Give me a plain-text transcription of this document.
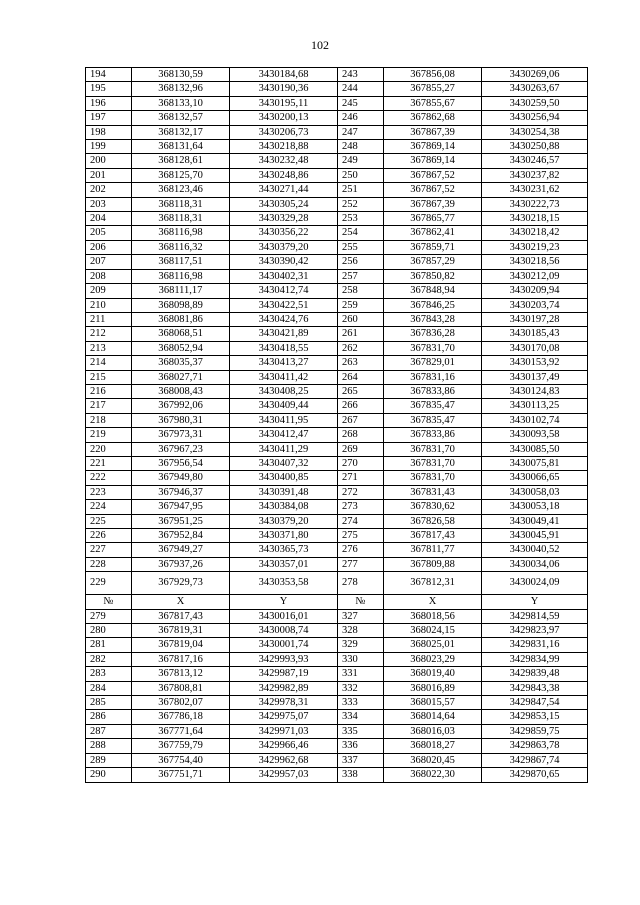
102
194	368130,59	3430184,68	243	367856,08	3430269,06
195	368132,96	3430190,36	244	367855,27	3430263,67
196	368133,10	3430195,11	245	367855,67	3430259,50
197	368132,57	3430200,13	246	367862,68	3430256,94
198	368132,17	3430206,73	247	367867,39	3430254,38
199	368131,64	3430218,88	248	367869,14	3430250,88
200	368128,61	3430232,48	249	367869,14	3430246,57
201	368125,70	3430248,86	250	367867,52	3430237,82
202	368123,46	3430271,44	251	367867,52	3430231,62
203	368118,31	3430305,24	252	367867,39	3430222,73
204	368118,31	3430329,28	253	367865,77	3430218,15
205	368116,98	3430356,22	254	367862,41	3430218,42
206	368116,32	3430379,20	255	367859,71	3430219,23
207	368117,51	3430390,42	256	367857,29	3430218,56
208	368116,98	3430402,31	257	367850,82	3430212,09
209	368111,17	3430412,74	258	367848,94	3430209,94
210	368098,89	3430422,51	259	367846,25	3430203,74
211	368081,86	3430424,76	260	367843,28	3430197,28
212	368068,51	3430421,89	261	367836,28	3430185,43
213	368052,94	3430418,55	262	367831,70	3430170,08
214	368035,37	3430413,27	263	367829,01	3430153,92
215	368027,71	3430411,42	264	367831,16	3430137,49
216	368008,43	3430408,25	265	367833,86	3430124,83
217	367992,06	3430409,44	266	367835,47	3430113,25
218	367980,31	3430411,95	267	367835,47	3430102,74
219	367973,31	3430412,47	268	367833,86	3430093,58
220	367967,23	3430411,29	269	367831,70	3430085,50
221	367956,54	3430407,32	270	367831,70	3430075,81
222	367949,80	3430400,85	271	367831,70	3430066,65
223	367946,37	3430391,48	272	367831,43	3430058,03
224	367947,95	3430384,08	273	367830,62	3430053,18
225	367951,25	3430379,20	274	367826,58	3430049,41
226	367952,84	3430371,80	275	367817,43	3430045,91
227	367949,27	3430365,73	276	367811,77	3430040,52
228	367937,26	3430357,01	277	367809,88	3430034,06
229	367929,73	3430353,58	278	367812,31	3430024,09
№	X	Y	№	X	Y
279	367817,43	3430016,01	327	368018,56	3429814,59
280	367819,31	3430008,74	328	368024,15	3429823,97
281	367819,04	3430001,74	329	368025,01	3429831,16
282	367817,16	3429993,93	330	368023,29	3429834,99
283	367813,12	3429987,19	331	368019,40	3429839,48
284	367808,81	3429982,89	332	368016,89	3429843,38
285	367802,07	3429978,31	333	368015,57	3429847,54
286	367786,18	3429975,07	334	368014,64	3429853,15
287	367771,64	3429971,03	335	368016,03	3429859,75
288	367759,79	3429966,46	336	368018,27	3429863,78
289	367754,40	3429962,68	337	368020,45	3429867,74
290	367751,71	3429957,03	338	368022,30	3429870,65
